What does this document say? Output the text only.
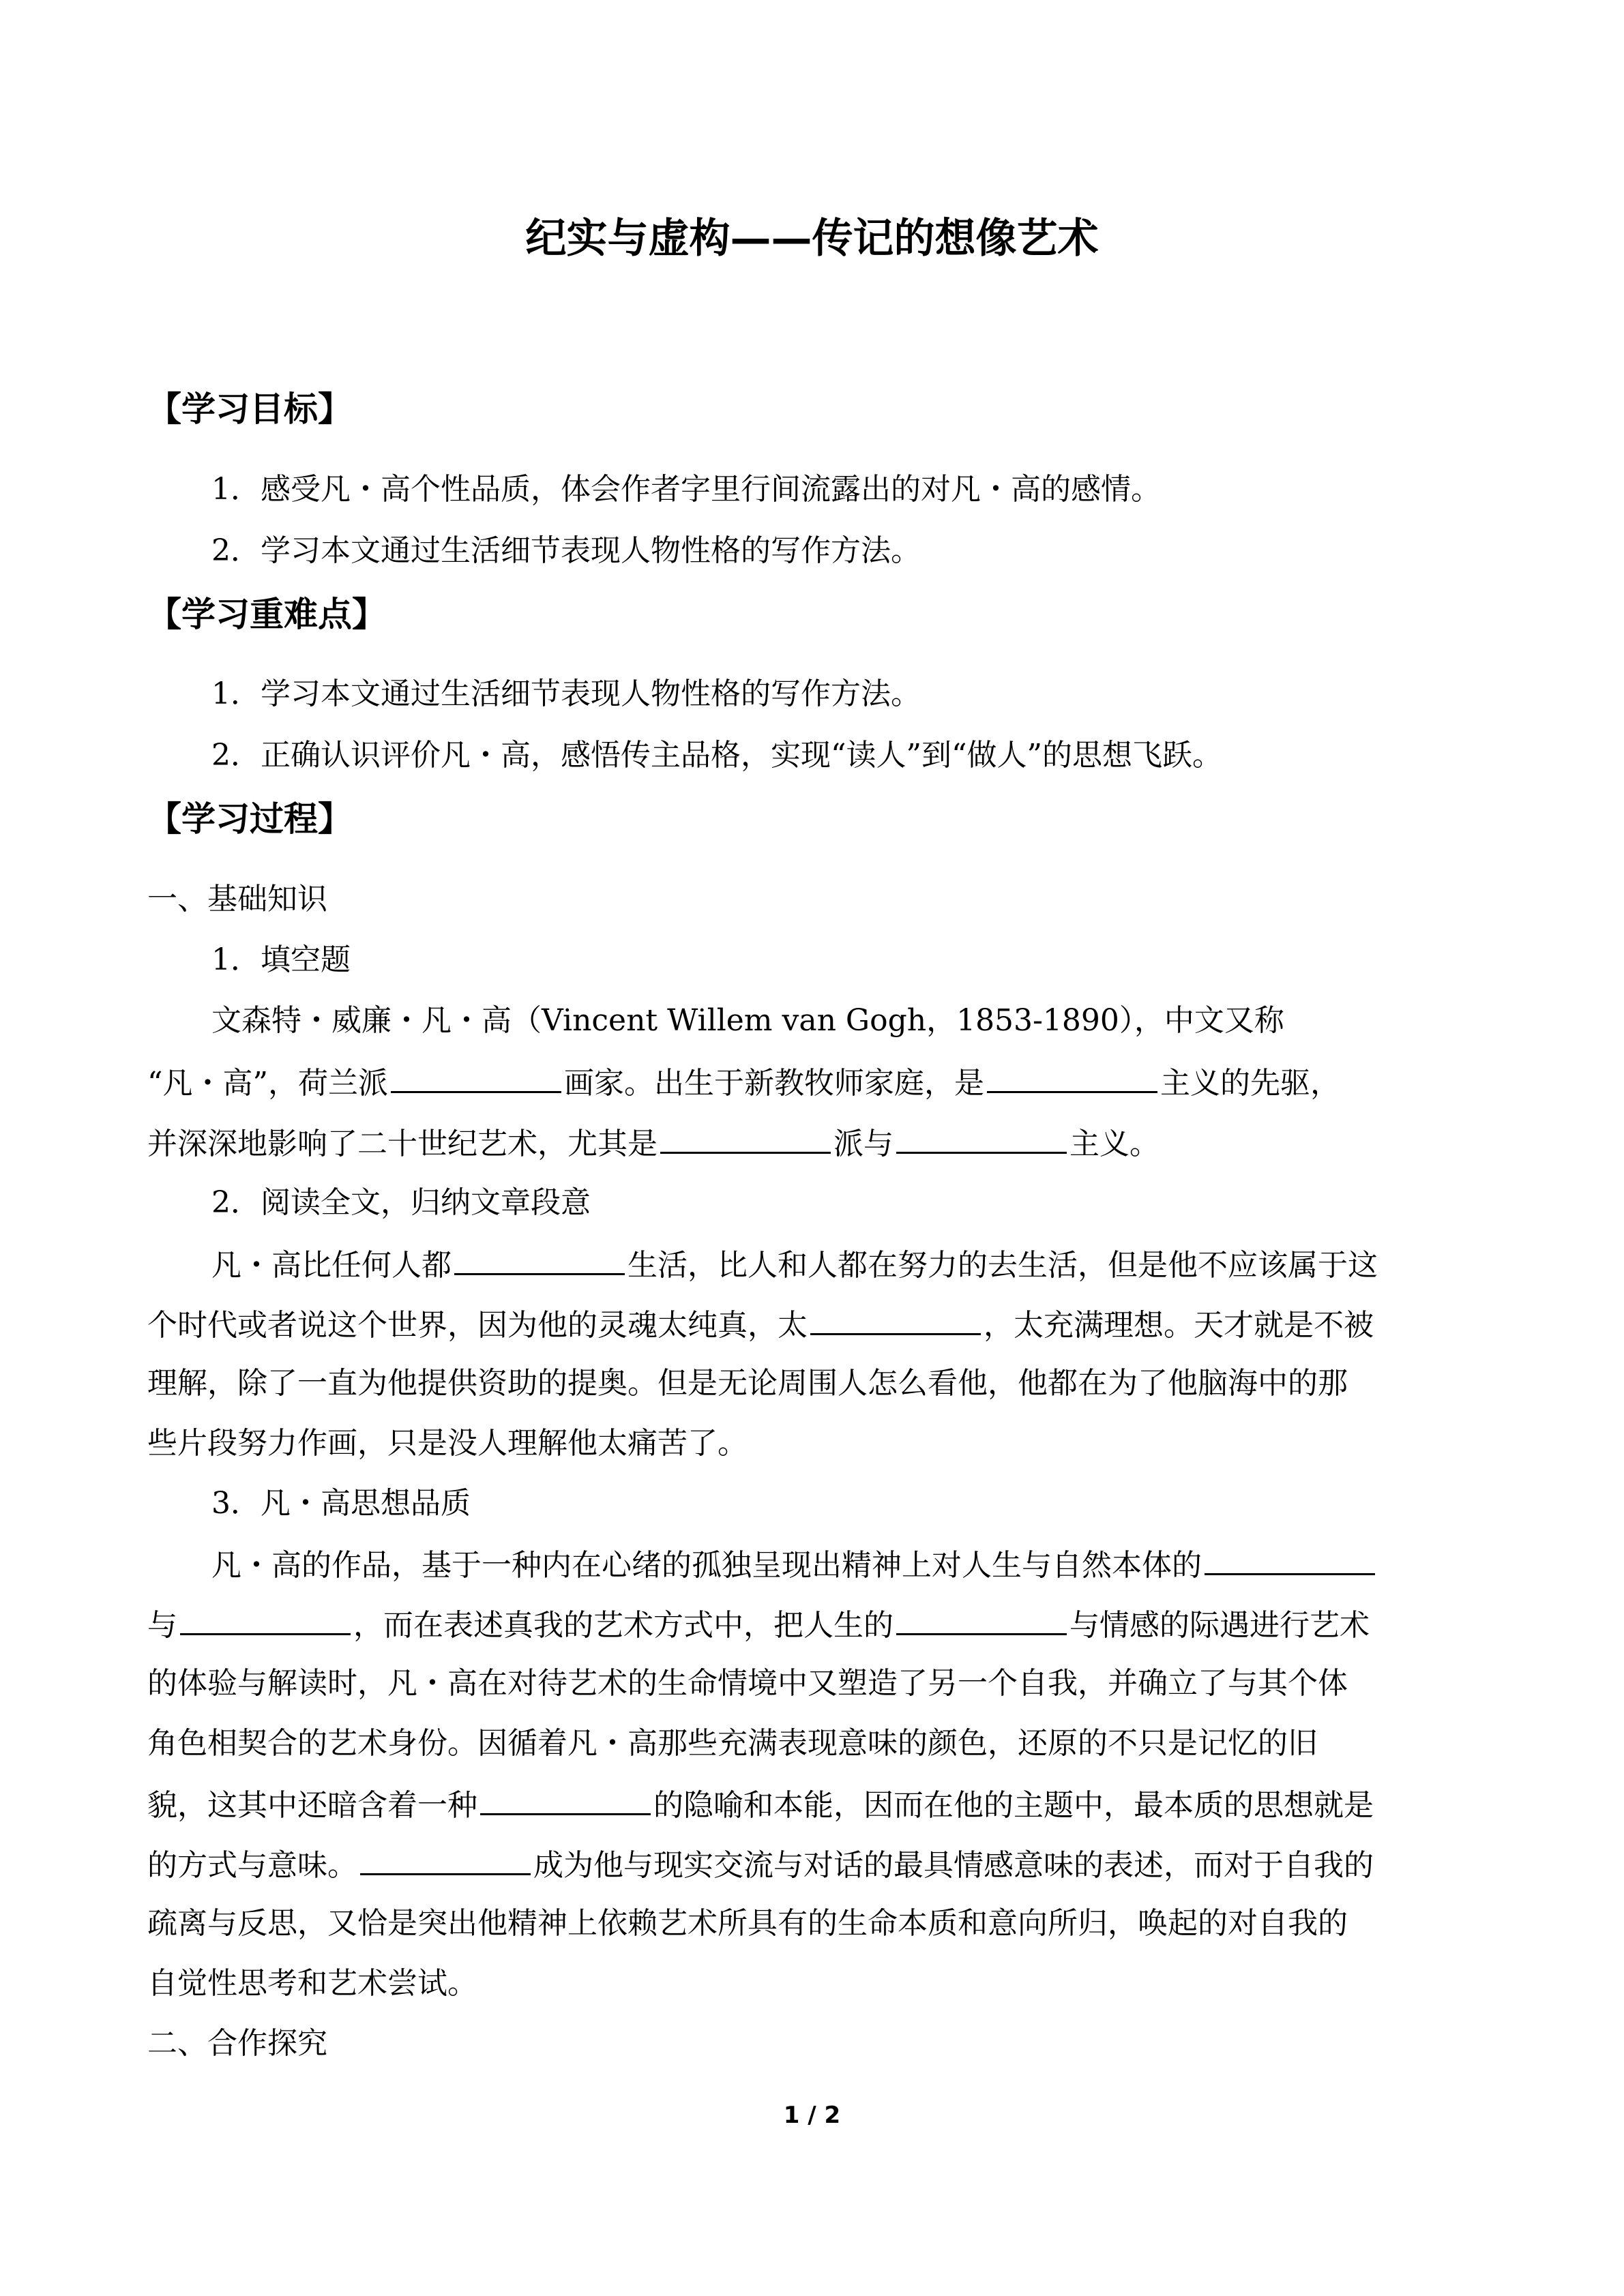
纪实与虚构——传记的想像艺术
【学习目标】
1．感受凡・高个性品质，体会作者字里行间流露出的对凡・高的感情。
2．学习本文通过生活细节表现人物性格的写作方法。
【学习重难点】
1．学习本文通过生活细节表现人物性格的写作方法。
2．正确认识评价凡・高，感悟传主品格，实现“读人”到“做人”的思想飞跃。
【学习过程】
一、基础知识
1．填空题
文森特・威廉・凡・高（Vincent Willem van Gogh，1853-1890），中文又称
“凡・高”，荷兰派	画家。出生于新教牧师家庭，是	主义的先驱，
并深深地影响了二十世纪艺术，尤其是	派与	主义。
2．阅读全文，归纳文章段意
凡・高比任何人都	生活，比人和人都在努力的去生活，但是他不应该属于这
个时代或者说这个世界，因为他的灵魂太纯真，太	，太充满理想。天才就是不被
理解，除了一直为他提供资助的提奥。但是无论周围人怎么看他，他都在为了他脑海中的那
些片段努力作画，只是没人理解他太痛苦了。
3．凡・高思想品质
凡・高的作品，基于一种内在心绪的孤独呈现出精神上对人生与自然本体的
与	，而在表述真我的艺术方式中，把人生的	与情感的际遇进行艺术
的体验与解读时，凡・高在对待艺术的生命情境中又塑造了另一个自我，并确立了与其个体
角色相契合的艺术身份。因循着凡・高那些充满表现意味的颜色，还原的不只是记忆的旧
貌，这其中还暗含着一种	的隐喻和本能，因而在他的主题中，最本质的思想就是
的方式与意味。	成为他与现实交流与对话的最具情感意味的表述，而对于自我的
疏离与反思，又恰是突出他精神上依赖艺术所具有的生命本质和意向所归，唤起的对自我的
自觉性思考和艺术尝试。
二、合作探究
1 / 2
